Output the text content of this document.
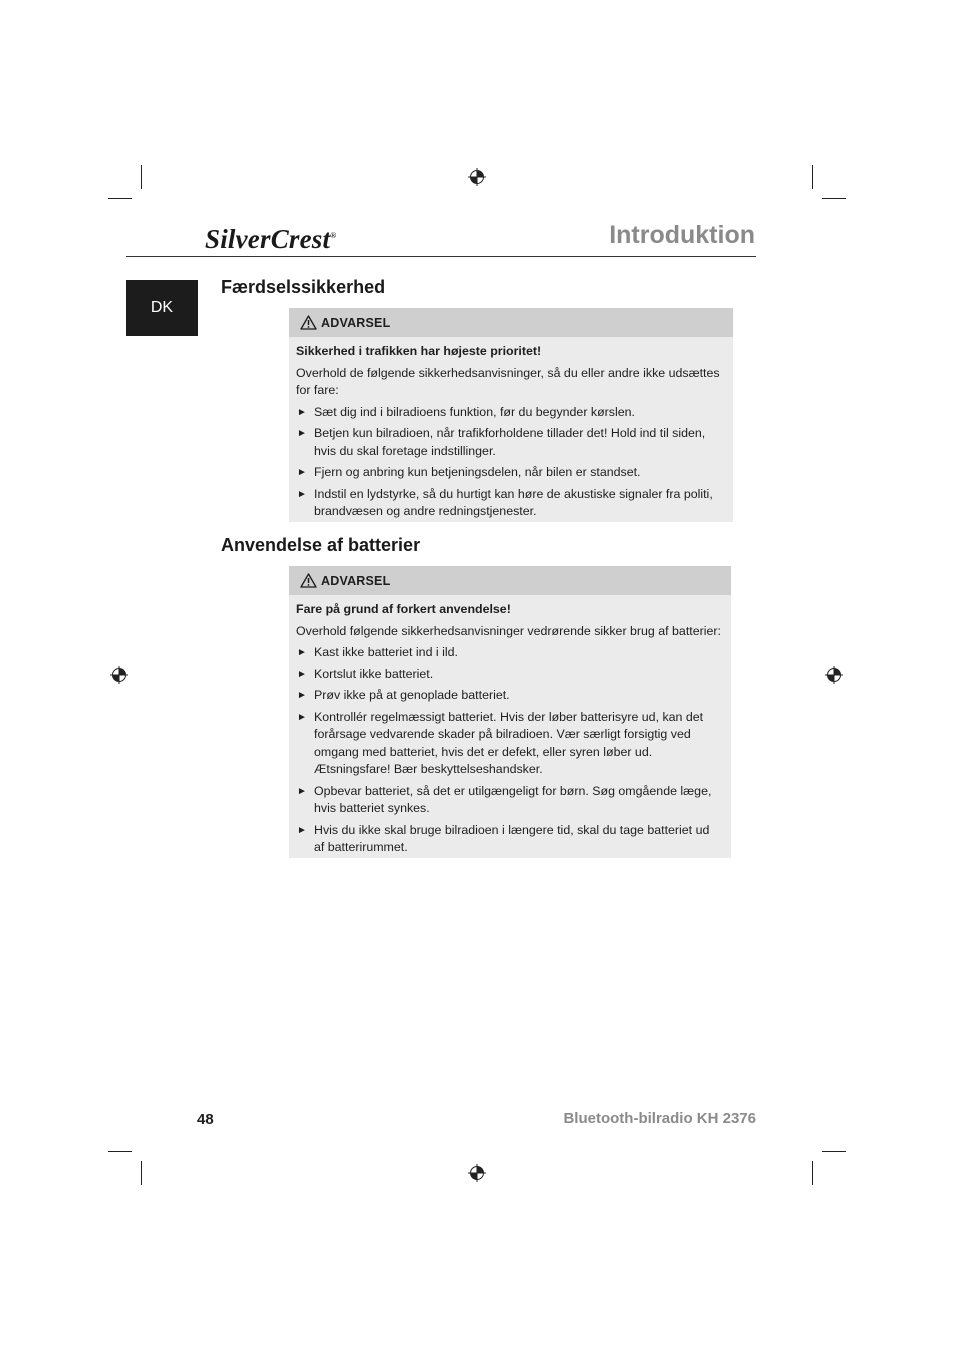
SilverCrest®	Introduktion
DK
Færdselssikkerhed
ADVARSEL
Sikkerhed i trafikken har højeste prioritet!
Overhold de følgende sikkerhedsanvisninger, så du eller andre ikke udsættes for fare:
► Sæt dig ind i bilradioens funktion, før du begynder kørslen.
► Betjen kun bilradioen, når trafikforholdene tillader det! Hold ind til siden, hvis du skal foretage indstillinger.
► Fjern og anbring kun betjeningsdelen, når bilen er standset.
► Indstil en lydstyrke, så du hurtigt kan høre de akustiske signaler fra politi, brandvæsen og andre redningstjenester.
Anvendelse af batterier
ADVARSEL
Fare på grund af forkert anvendelse!
Overhold følgende sikkerhedsanvisninger vedrørende sikker brug af batterier:
► Kast ikke batteriet ind i ild.
► Kortslut ikke batteriet.
► Prøv ikke på at genoplade batteriet.
► Kontrollér regelmæssigt batteriet. Hvis der løber batterisyre ud, kan det forårsage vedvarende skader på bilradioen. Vær særligt forsigtig ved omgang med batteriet, hvis det er defekt, eller syren løber ud. Ætsningsfare! Bær beskyttelseshandsker.
► Opbevar batteriet, så det er utilgængeligt for børn. Søg omgående læge, hvis batteriet synkes.
► Hvis du ikke skal bruge bilradioen i længere tid, skal du tage batteriet ud af batterirummet.
48	Bluetooth-bilradio KH 2376
